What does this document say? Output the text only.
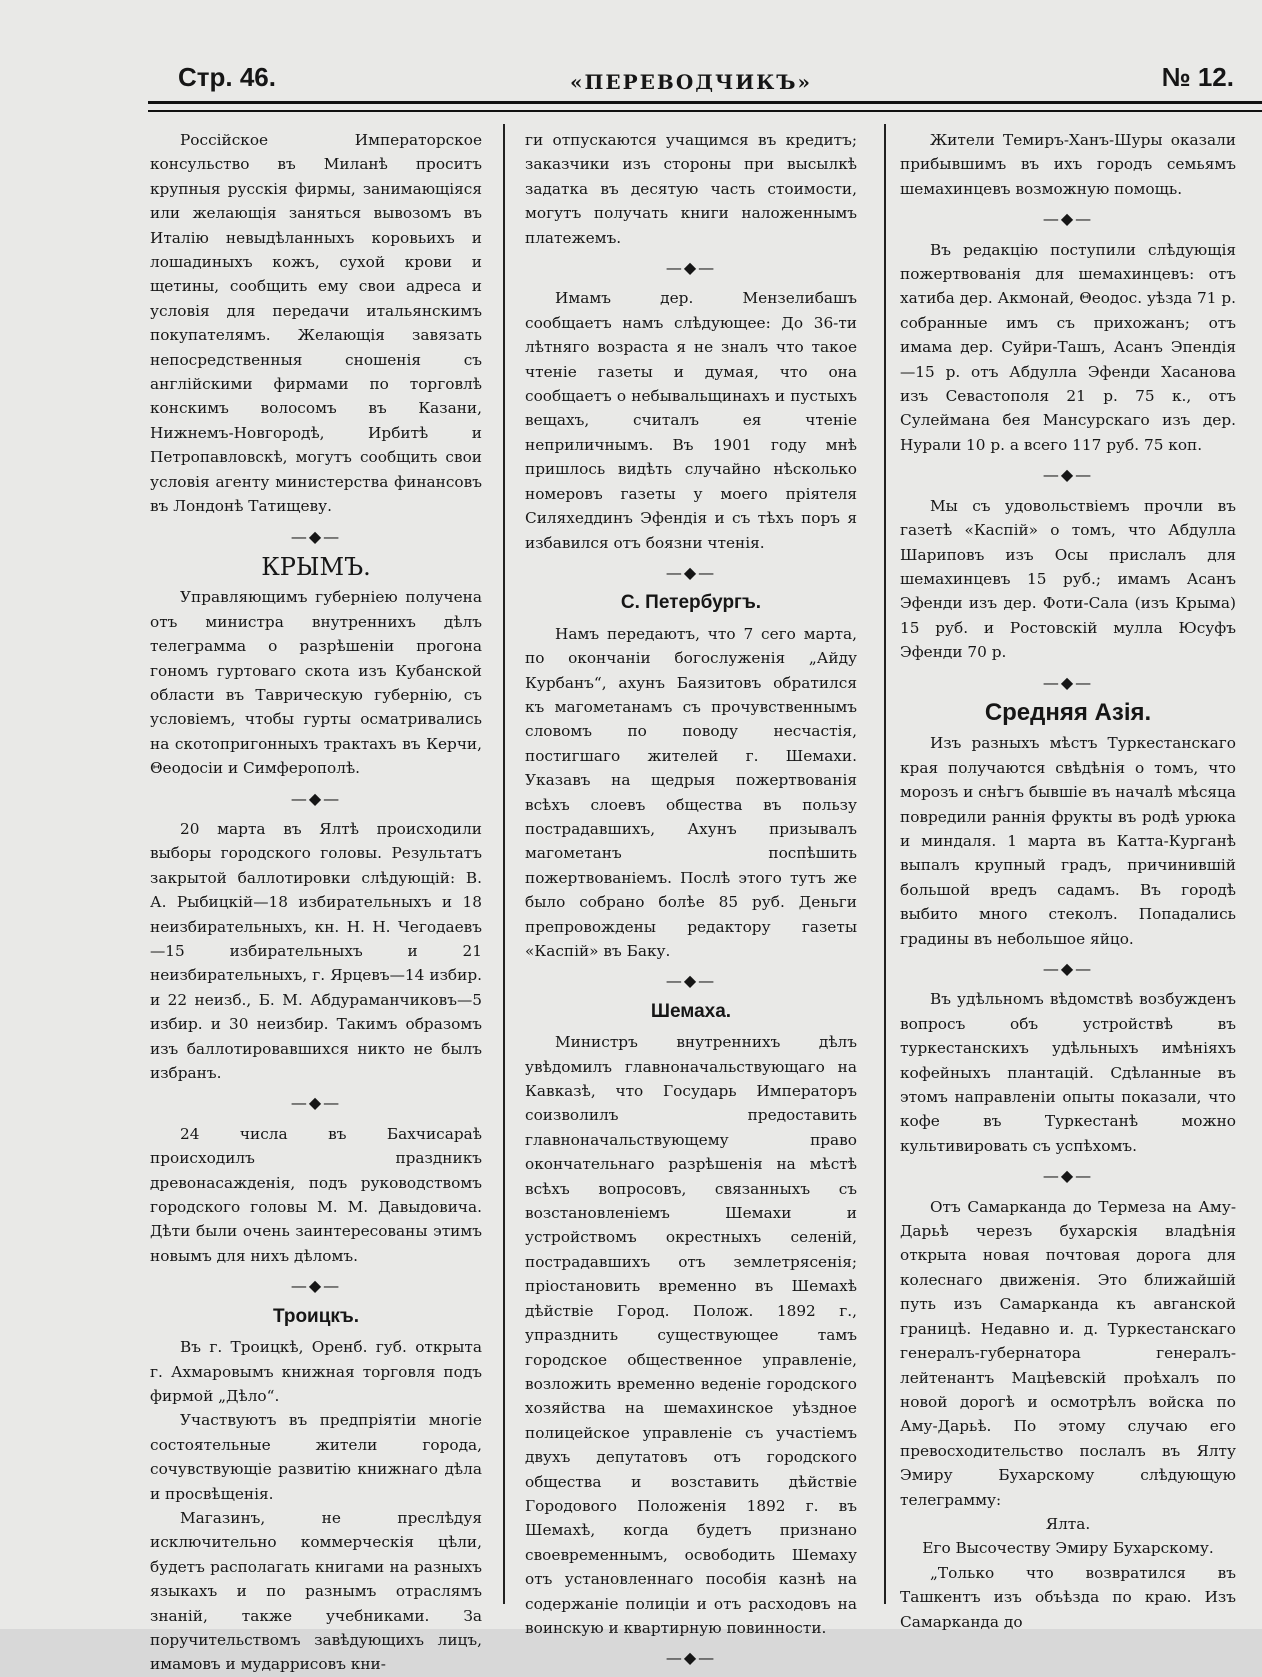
Стр. 46.	«ПЕРЕВОДЧИКЪ»	№ 12.

Россійское Императорское консульство въ Миланѣ проситъ крупныя русскія фирмы, занимающіяся или желающія заняться вывозомъ въ Италію невыдѣланныхъ коровьихъ и лошадиныхъ кожъ, сухой крови и щетины, сообщить ему свои адреса и условія для передачи итальянскимъ покупателямъ. Желающія завязать непосредственныя сношенія съ англійскими фирмами по торговлѣ конскимъ волосомъ въ Казани, Нижнемъ-Новгородѣ, Ирбитѣ и Петропавловскѣ, могутъ сообщить свои условія агенту министерства финансовъ въ Лондонѣ Татищеву.

—◆—
КРЫМЪ.

Управляющимъ губерніею получена отъ министра внутреннихъ дѣлъ телеграмма о разрѣшеніи прогона гономъ гуртоваго скота изъ Кубанской области въ Таврическую губернію, съ условіемъ, чтобы гурты осматривались на скотопригонныхъ трактахъ въ Керчи, Θеодосіи и Симферополѣ.

—◆—

20 марта въ Ялтѣ происходили выборы городского головы. Результатъ закрытой баллотировки слѣдующій: В. А. Рыбицкій—18 избирательныхъ и 18 неизбирательныхъ, кн. Н. Н. Чегодаевъ—15 избирательныхъ и 21 неизбирательныхъ, г. Ярцевъ—14 избир. и 22 неизб., Б. М. Абдураманчиковъ—5 избир. и 30 неизбир. Такимъ образомъ изъ баллотировавшихся никто не былъ избранъ.

—◆—

24 числа въ Бахчисараѣ происходилъ праздникъ древонасажденія, подъ руководствомъ городского головы М. М. Давыдовича. Дѣти были очень заинтересованы этимъ новымъ для нихъ дѣломъ.

—◆—
Троицкъ.

Въ г. Троицкѣ, Оренб. губ. открыта г. Ахмаровымъ книжная торговля подъ фирмой „Дѣло“.

Участвуютъ въ предпріятіи многіе состоятельные жители города, сочувствующіе развитію книжнаго дѣла и просвѣщенія.

Магазинъ, не преслѣдуя исключительно коммерческія цѣли, будетъ располагать книгами на разныхъ языкахъ и по разнымъ отраслямъ знаній, также учебниками. За поручительствомъ завѣдующихъ лицъ, имамовъ и мударрисовъ кни-

ги отпускаются учащимся въ кредитъ; заказчики изъ стороны при высылкѣ задатка въ десятую часть стоимости, могутъ получать книги наложеннымъ платежемъ.

—◆—

Имамъ дер. Мензелибашъ сообщаетъ намъ слѣдующее: До 36-ти лѣтняго возраста я не зналъ что такое чтеніе газеты и думая, что она сообщаетъ о небывальщинахъ и пустыхъ вещахъ, считалъ ея чтеніе неприличнымъ. Въ 1901 году мнѣ пришлось видѣть случайно нѣсколько номеровъ газеты у моего пріятеля Силяхеддинъ Эфендія и съ тѣхъ поръ я избавился отъ боязни чтенія.

—◆—
С. Петербургъ.

Намъ передаютъ, что 7 сего марта, по окончаніи богослуженія „Айду Курбанъ“, ахунъ Баязитовъ обратился къ магометанамъ съ прочувственнымъ словомъ по поводу несчастія, постигшаго жителей г. Шемахи. Указавъ на щедрыя пожертвованія всѣхъ слоевъ общества въ пользу пострадавшихъ, Ахунъ призывалъ магометанъ поспѣшить пожертвованіемъ. Послѣ этого тутъ же было собрано болѣе 85 руб. Деньги препровождены редактору газеты «Каспій» въ Баку.

—◆—
Шемаха.

Министръ внутреннихъ дѣлъ увѣдомилъ главноначальствующаго на Кавказѣ, что Государь Императоръ соизволилъ предоставить главноначальствующему право окончательнаго разрѣшенія на мѣстѣ всѣхъ вопросовъ, связанныхъ съ возстановленіемъ Шемахи и устройствомъ окрестныхъ селеній, пострадавшихъ отъ землетрясенія; пріостановить временно въ Шемахѣ дѣйствіе Город. Полож. 1892 г., упразднить существующее тамъ городское общественное управленіе, возложить временно веденіе городского хозяйства на шемахинское уѣздное полицейское управленіе съ участіемъ двухъ депутатовъ отъ городского общества и возставить дѣйствіе Городового Положенія 1892 г. въ Шемахѣ, когда будетъ признано своевременнымъ, освободить Шемаху отъ установленнаго пособія казнѣ на содержаніе полиціи и отъ расходовъ на воинскую и квартирную повинности.

—◆—

Жители Темиръ-Ханъ-Шуры оказали прибывшимъ въ ихъ городъ семьямъ шемахинцевъ возможную помощь.

—◆—

Въ редакцію поступили слѣдующія пожертвованія для шемахинцевъ: отъ хатиба дер. Акмонай, Θеодос. уѣзда 71 р. собранные имъ съ прихожанъ; отъ имама дер. Суйри-Ташъ, Асанъ Эпендія—15 р. отъ Абдулла Эфенди Хасанова изъ Севастополя 21 р. 75 к., отъ Сулеймана бея Мансурскаго изъ дер. Нурали 10 р. а всего 117 руб. 75 коп.

—◆—

Мы съ удовольствіемъ прочли въ газетѣ «Каспій» о томъ, что Абдулла Шариповъ изъ Осы прислалъ для шемахинцевъ 15 руб.; имамъ Асанъ Эфенди изъ дер. Фоти-Сала (изъ Крыма) 15 руб. и Ростовскій мулла Юсуфъ Эфенди 70 р.

—◆—
Средняя Азія.

Изъ разныхъ мѣстъ Туркестанскаго края получаются свѣдѣнія о томъ, что морозъ и снѣгъ бывшіе въ началѣ мѣсяца повредили раннія фрукты въ родѣ урюка и миндаля. 1 марта въ Катта-Курганѣ выпалъ крупный градъ, причинившій большой вредъ садамъ. Въ городѣ выбито много стеколъ. Попадались градины въ небольшое яйцо.

—◆—

Въ удѣльномъ вѣдомствѣ возбужденъ вопросъ объ устройствѣ въ туркестанскихъ удѣльныхъ имѣніяхъ кофейныхъ плантацій. Сдѣланные въ этомъ направленіи опыты показали, что кофе въ Туркестанѣ можно культивировать съ успѣхомъ.

—◆—

Отъ Самарканда до Термеза на Аму-Дарьѣ черезъ бухарскія владѣнія открыта новая почтовая дорога для колеснаго движенія. Это ближайшій путь изъ Самарканда къ авганской границѣ. Недавно и. д. Туркестанскаго генералъ-губернатора генералъ-лейтенантъ Мацѣевскій проѣхалъ по новой дорогѣ и осмотрѣлъ войска по Аму-Дарьѣ. По этому случаю его превосходительство послалъ въ Ялту Эмиру Бухарскому слѣдующую телеграмму:

Ялта.

Его Высочеству Эмиру Бухарскому.

„Только что возвратился въ Ташкентъ изъ объѣзда по краю. Изъ Самарканда до
